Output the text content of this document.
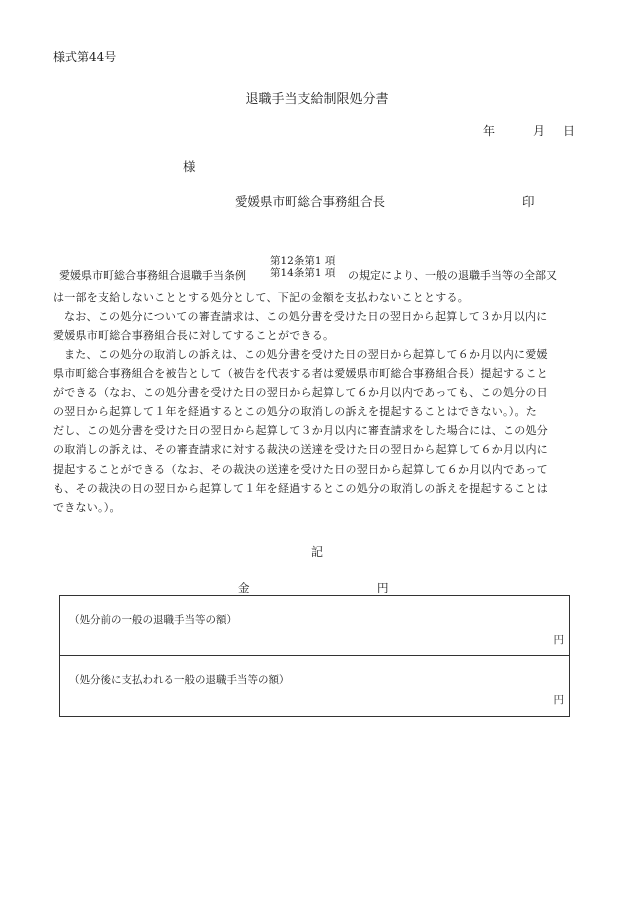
様式第44号
退職手当支給制限処分書
年	月 日
様
愛媛県市町総合事務組合長	印
愛媛県市町総合事務組合退職手当条例
第12条第1 項
第14条第1 項 の規定により、一般の退職手当等の全部又
は一部を支給しないこととする処分として、下記の金額を支払わないこととする。
なお、この処分についての審査請求は、この処分書を受けた日の翌日から起算して３か月以内に
愛媛県市町総合事務組合長に対してすることができる。
また、この処分の取消しの訴えは、この処分書を受けた日の翌日から起算して６か月以内に愛媛
県市町総合事務組合を被告として（被告を代表する者は愛媛県市町総合事務組合長）提起すること
ができる（なお、この処分書を受けた日の翌日から起算して６か月以内であっても、この処分の日
の翌日から起算して１年を経過するとこの処分の取消しの訴えを提起することはできない。）。た
だし、この処分書を受けた日の翌日から起算して３か月以内に審査請求をした場合には、この処分
の取消しの訴えは、その審査請求に対する裁決の送達を受けた日の翌日から起算して６か月以内に
提起することができる（なお、その裁決の送達を受けた日の翌日から起算して６か月以内であって
も、その裁決の日の翌日から起算して１年を経過するとこの処分の取消しの訴えを提起することは
できない。）。
記
金	円
（処分前の一般の退職手当等の額）
円
（処分後に支払われる一般の退職手当等の額）
円
